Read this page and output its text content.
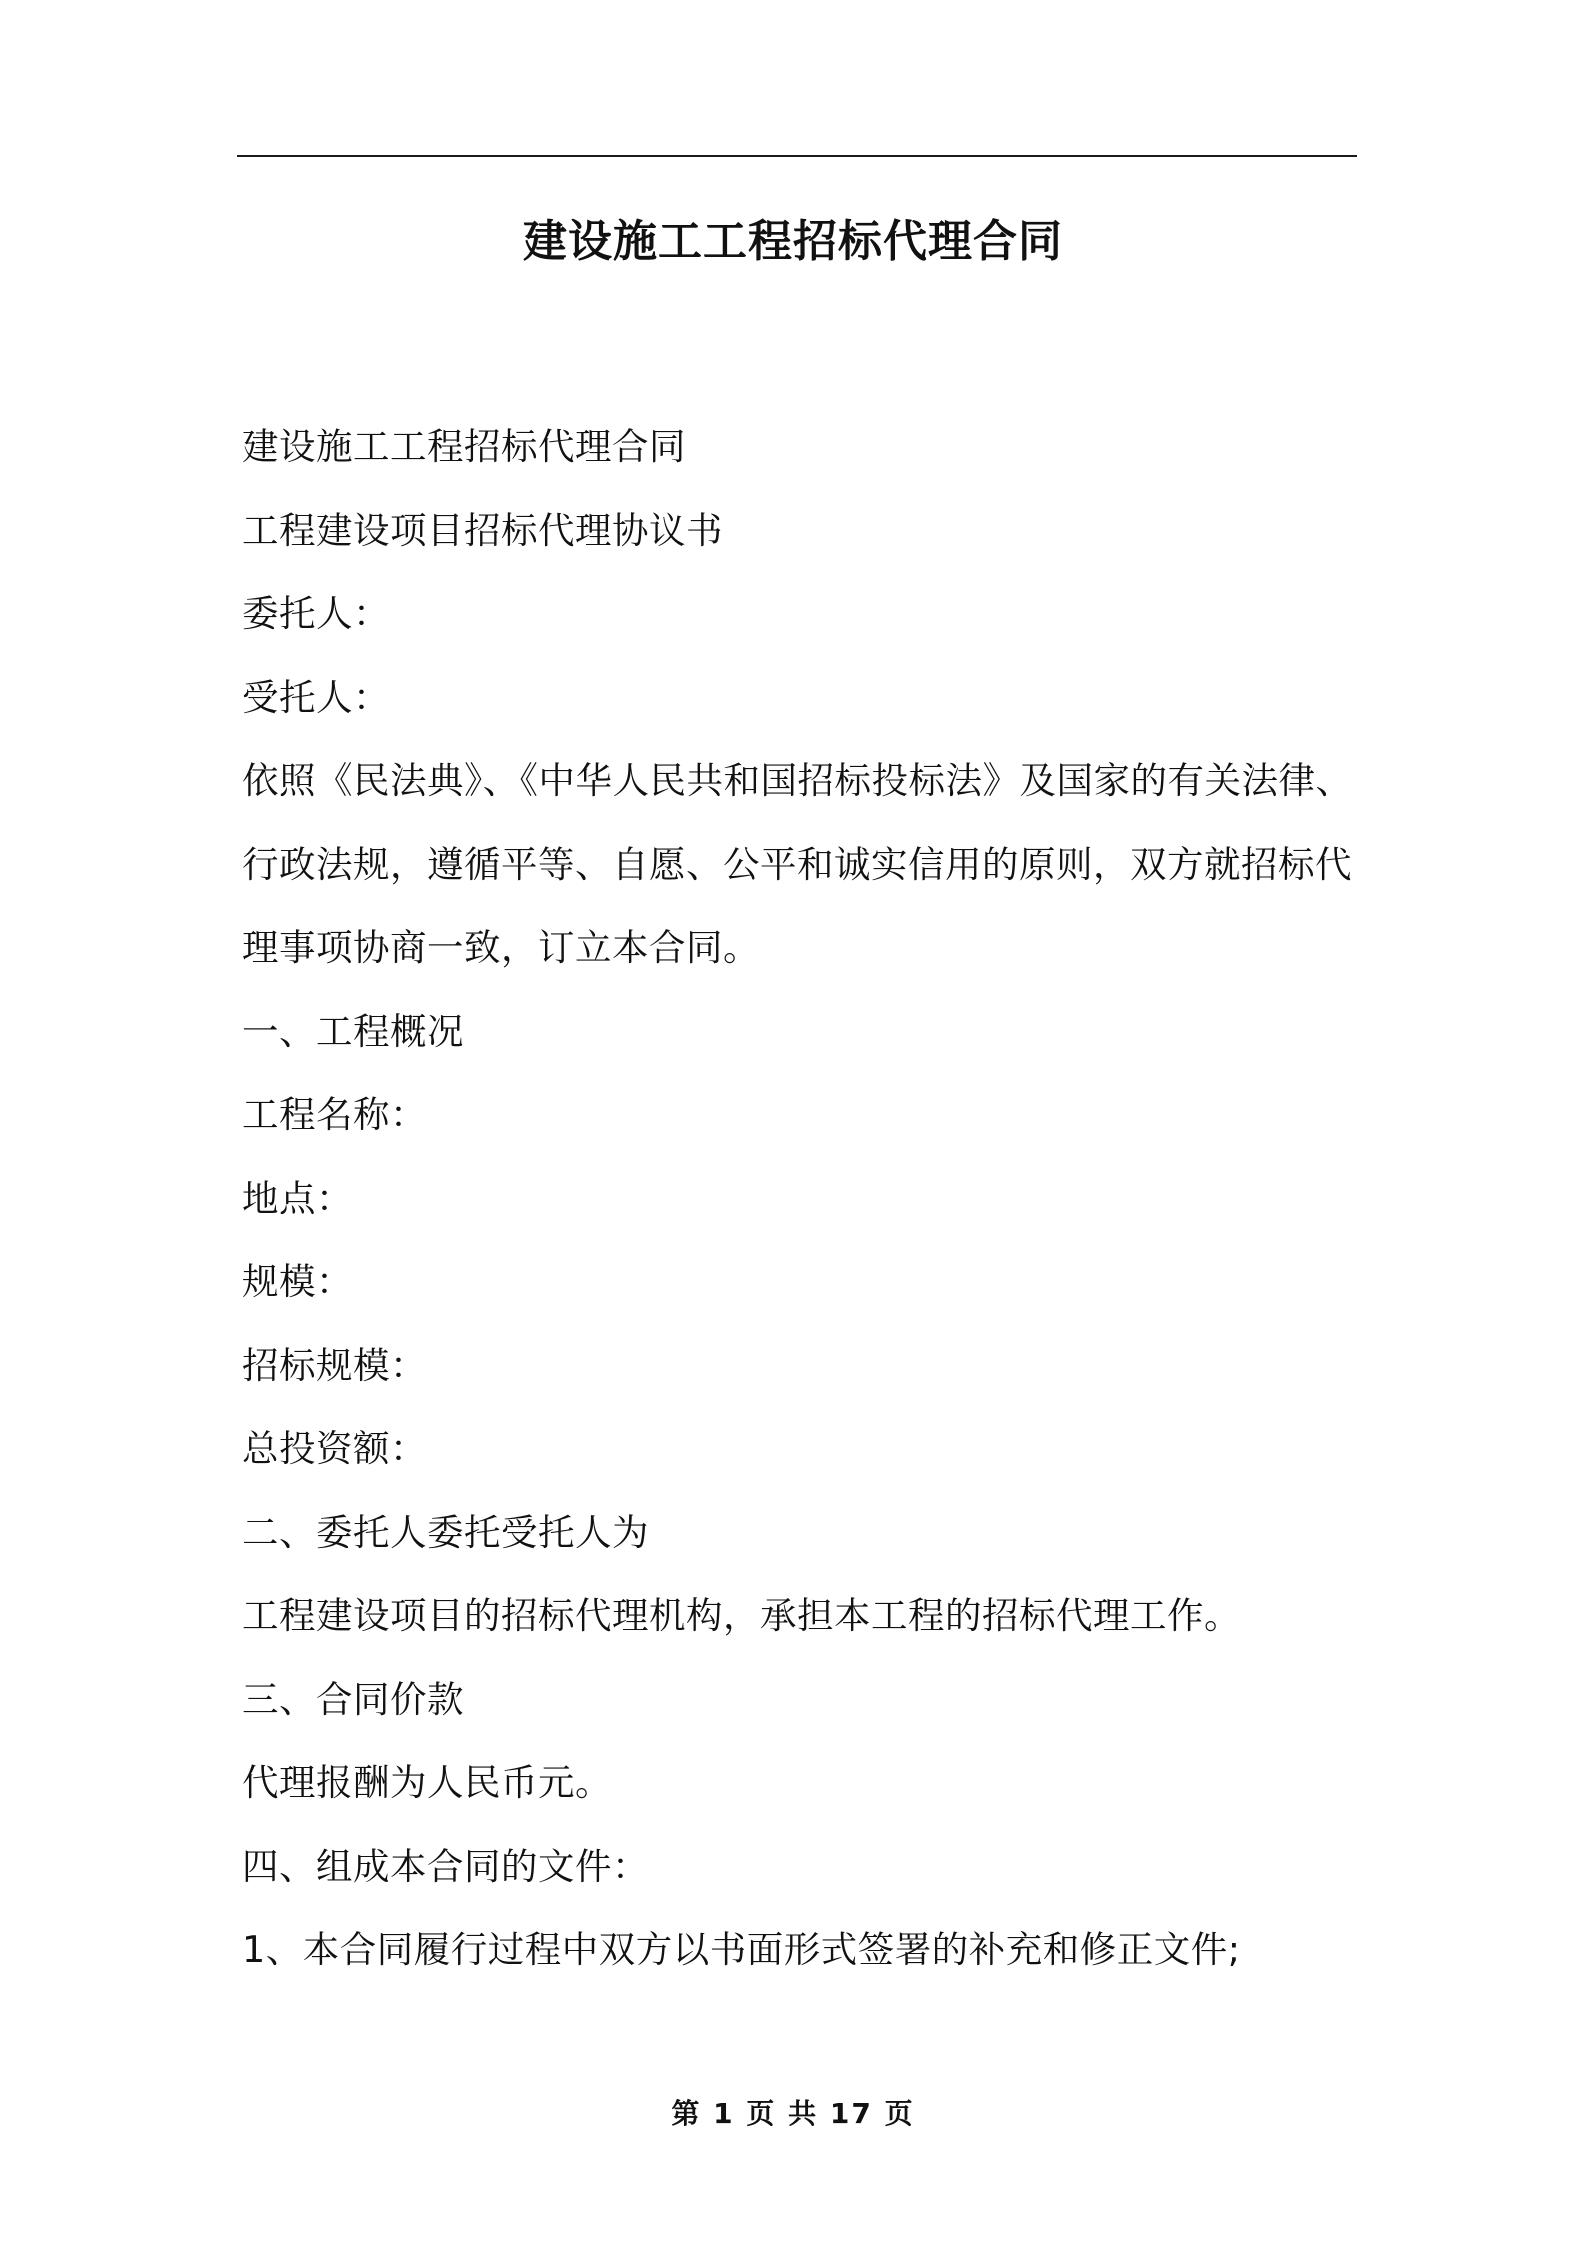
建设施工工程招标代理合同
建设施工工程招标代理合同
工程建设项目招标代理协议书
委托人：
受托人：
依照《民法典》、《中华人民共和国招标投标法》及国家的有关法律、
行政法规，遵循平等、自愿、公平和诚实信用的原则，双方就招标代
理事项协商一致，订立本合同。
一、工程概况
工程名称：
地点：
规模：
招标规模：
总投资额：
二、委托人委托受托人为
工程建设项目的招标代理机构，承担本工程的招标代理工作。
三、合同价款
代理报酬为人民币元。
四、组成本合同的文件：
1、本合同履行过程中双方以书面形式签署的补充和修正文件;
第 1 页 共 17 页
